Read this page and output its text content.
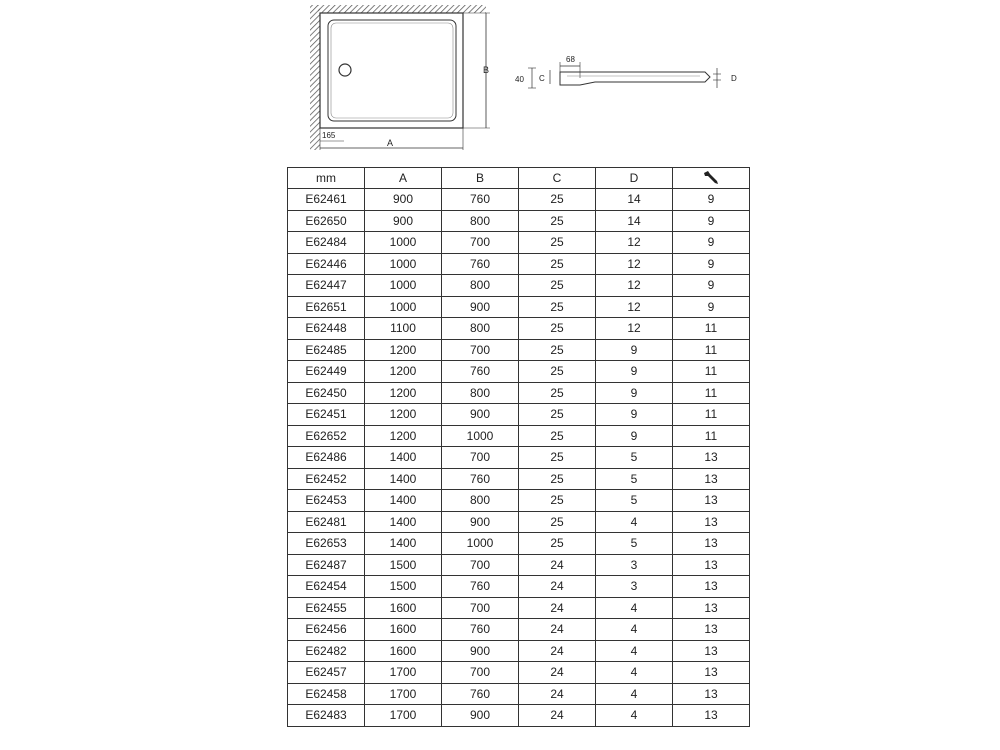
B
A
165
68
40 C	D
mm	A	B	C	D	
E62461	900	760	25	14	9
E62650	900	800	25	14	9
E62484	1000	700	25	12	9
E62446	1000	760	25	12	9
E62447	1000	800	25	12	9
E62651	1000	900	25	12	9
E62448	1100	800	25	12	11
E62485	1200	700	25	9	11
E62449	1200	760	25	9	11
E62450	1200	800	25	9	11
E62451	1200	900	25	9	11
E62652	1200	1000	25	9	11
E62486	1400	700	25	5	13
E62452	1400	760	25	5	13
E62453	1400	800	25	5	13
E62481	1400	900	25	4	13
E62653	1400	1000	25	5	13
E62487	1500	700	24	3	13
E62454	1500	760	24	3	13
E62455	1600	700	24	4	13
E62456	1600	760	24	4	13
E62482	1600	900	24	4	13
E62457	1700	700	24	4	13
E62458	1700	760	24	4	13
E62483	1700	900	24	4	13
